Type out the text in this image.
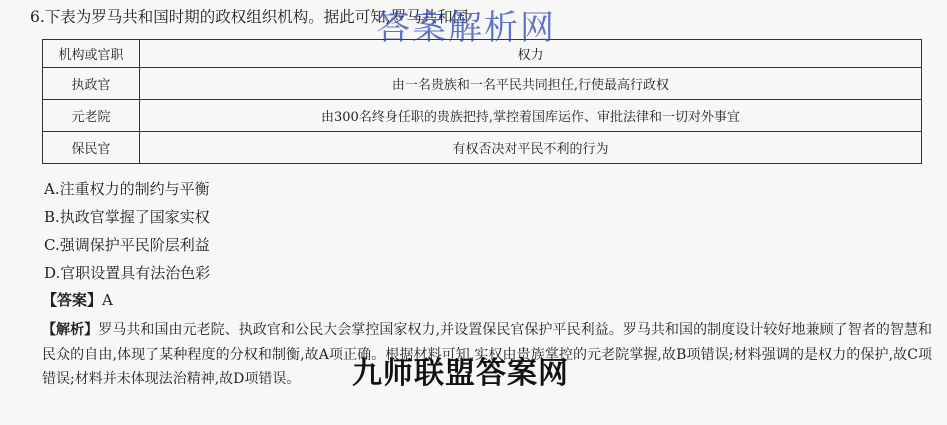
6.下表为罗马共和国时期的政权组织机构。据此可知,罗马共和国
机构或官职	权力
执政官	由一名贵族和一名平民共同担任,行使最高行政权
元老院	由300名终身任职的贵族把持,掌控着国库运作、审批法律和一切对外事宜
保民官	有权否决对平民不利的行为
A.注重权力的制约与平衡
B.执政官掌握了国家实权
C.强调保护平民阶层利益
D.官职设置具有法治色彩
【答案】A
【解析】罗马共和国由元老院、执政官和公民大会掌控国家权力,并设置保民官保护平民利益。罗马共和国的制度设计较好地兼顾了智者的智慧和民众的自由,体现了某种程度的分权和制衡,故A项正确。根据材料可知,实权由贵族掌控的元老院掌握,故B项错误;材料强调的是权力的保护,故C项错误;材料并未体现法治精神,故D项错误。
答案解析网
九师联盟答案网
